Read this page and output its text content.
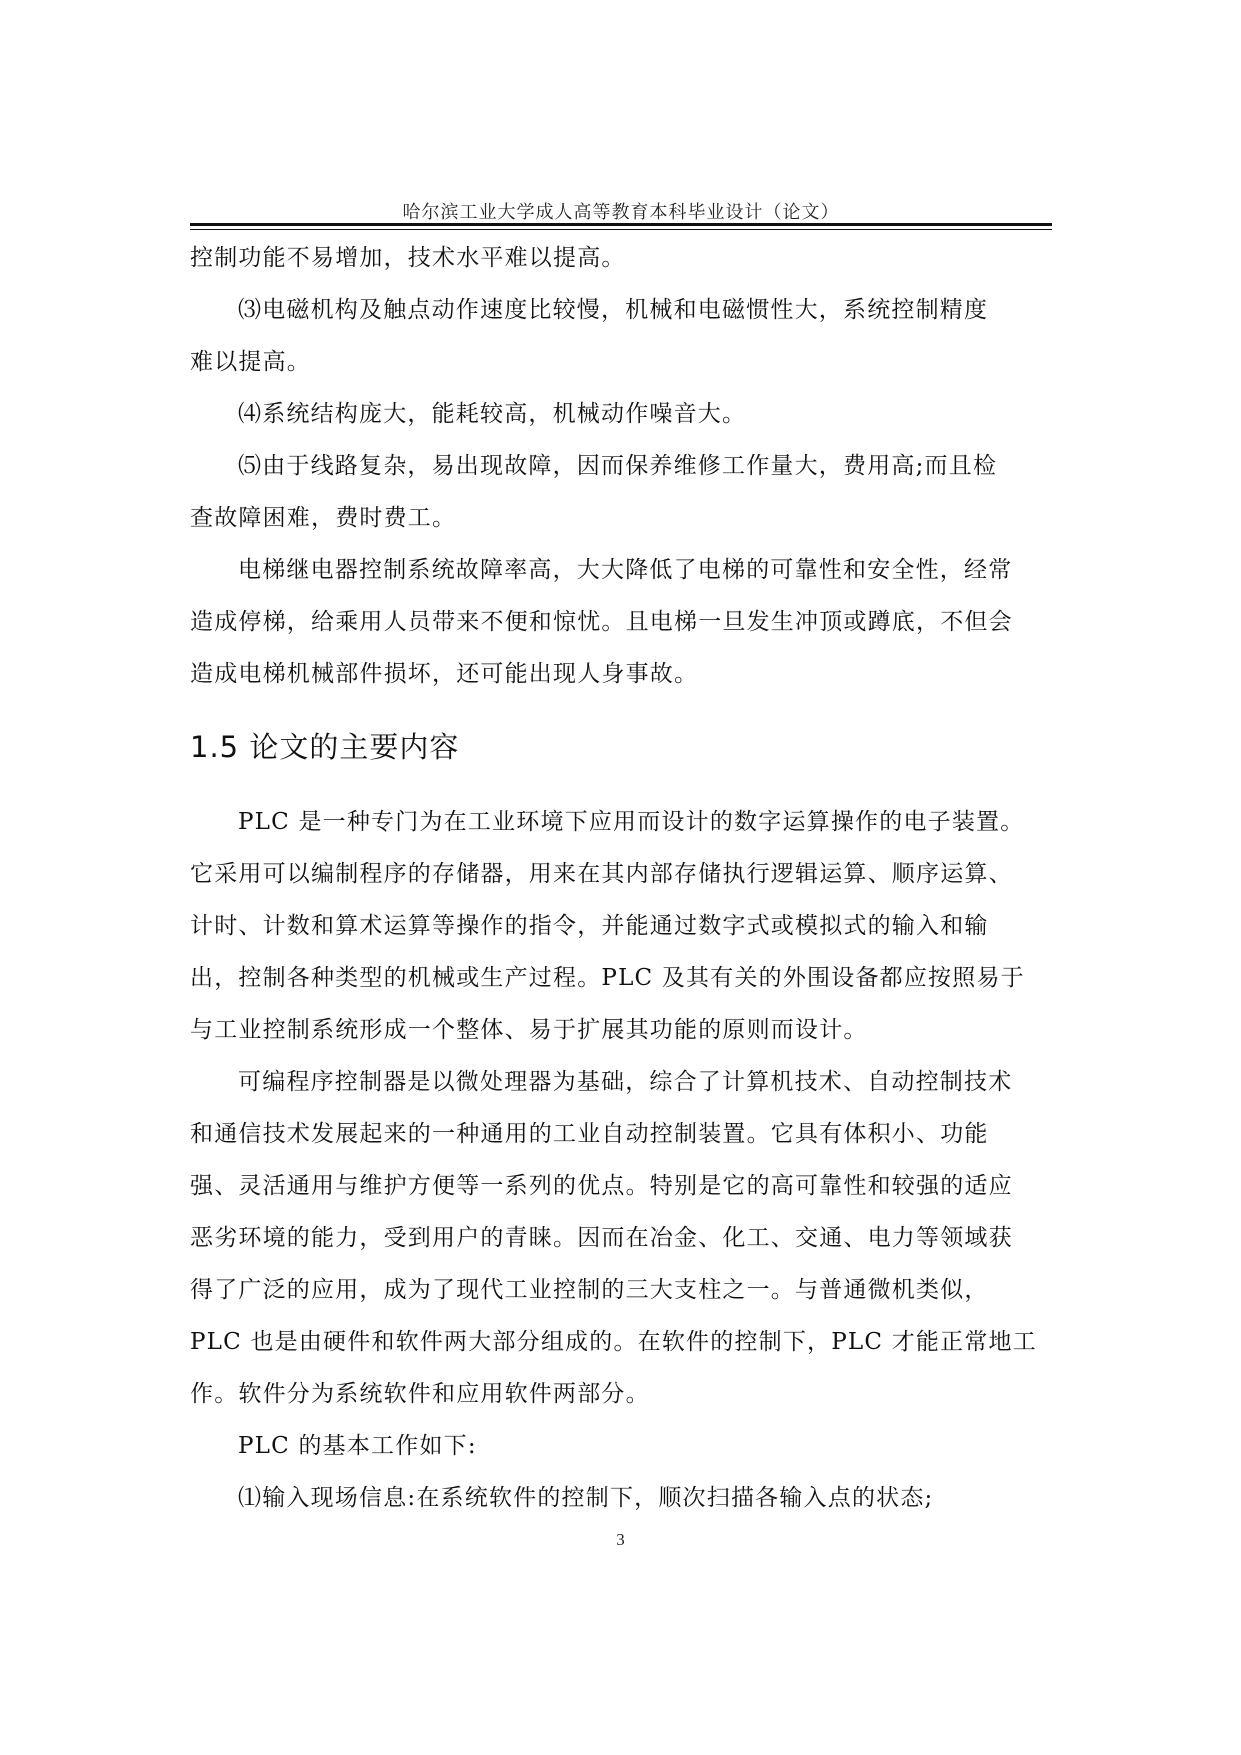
哈尔滨工业大学成人高等教育本科毕业设计（论文）
控制功能不易增加，技术水平难以提高。
⑶电磁机构及触点动作速度比较慢，机械和电磁惯性大，系统控制精度
难以提高。
⑷系统结构庞大，能耗较高，机械动作噪音大。
⑸由于线路复杂，易出现故障，因而保养维修工作量大，费用高;而且检
查故障困难，费时费工。
电梯继电器控制系统故障率高，大大降低了电梯的可靠性和安全性，经常
造成停梯，给乘用人员带来不便和惊忧。且电梯一旦发生冲顶或蹲底，不但会
造成电梯机械部件损坏，还可能出现人身事故。
1.5 论文的主要内容
PLC 是一种专门为在工业环境下应用而设计的数字运算操作的电子装置。
它采用可以编制程序的存储器，用来在其内部存储执行逻辑运算、顺序运算、
计时、计数和算术运算等操作的指令，并能通过数字式或模拟式的输入和输
出，控制各种类型的机械或生产过程。PLC 及其有关的外围设备都应按照易于
与工业控制系统形成一个整体、易于扩展其功能的原则而设计。
可编程序控制器是以微处理器为基础，综合了计算机技术、自动控制技术
和通信技术发展起来的一种通用的工业自动控制装置。它具有体积小、功能
强、灵活通用与维护方便等一系列的优点。特别是它的高可靠性和较强的适应
恶劣环境的能力，受到用户的青睐。因而在冶金、化工、交通、电力等领域获
得了广泛的应用，成为了现代工业控制的三大支柱之一。与普通微机类似，
PLC 也是由硬件和软件两大部分组成的。在软件的控制下，PLC 才能正常地工
作。软件分为系统软件和应用软件两部分。
PLC 的基本工作如下:
⑴输入现场信息:在系统软件的控制下，顺次扫描各输入点的状态;
3
